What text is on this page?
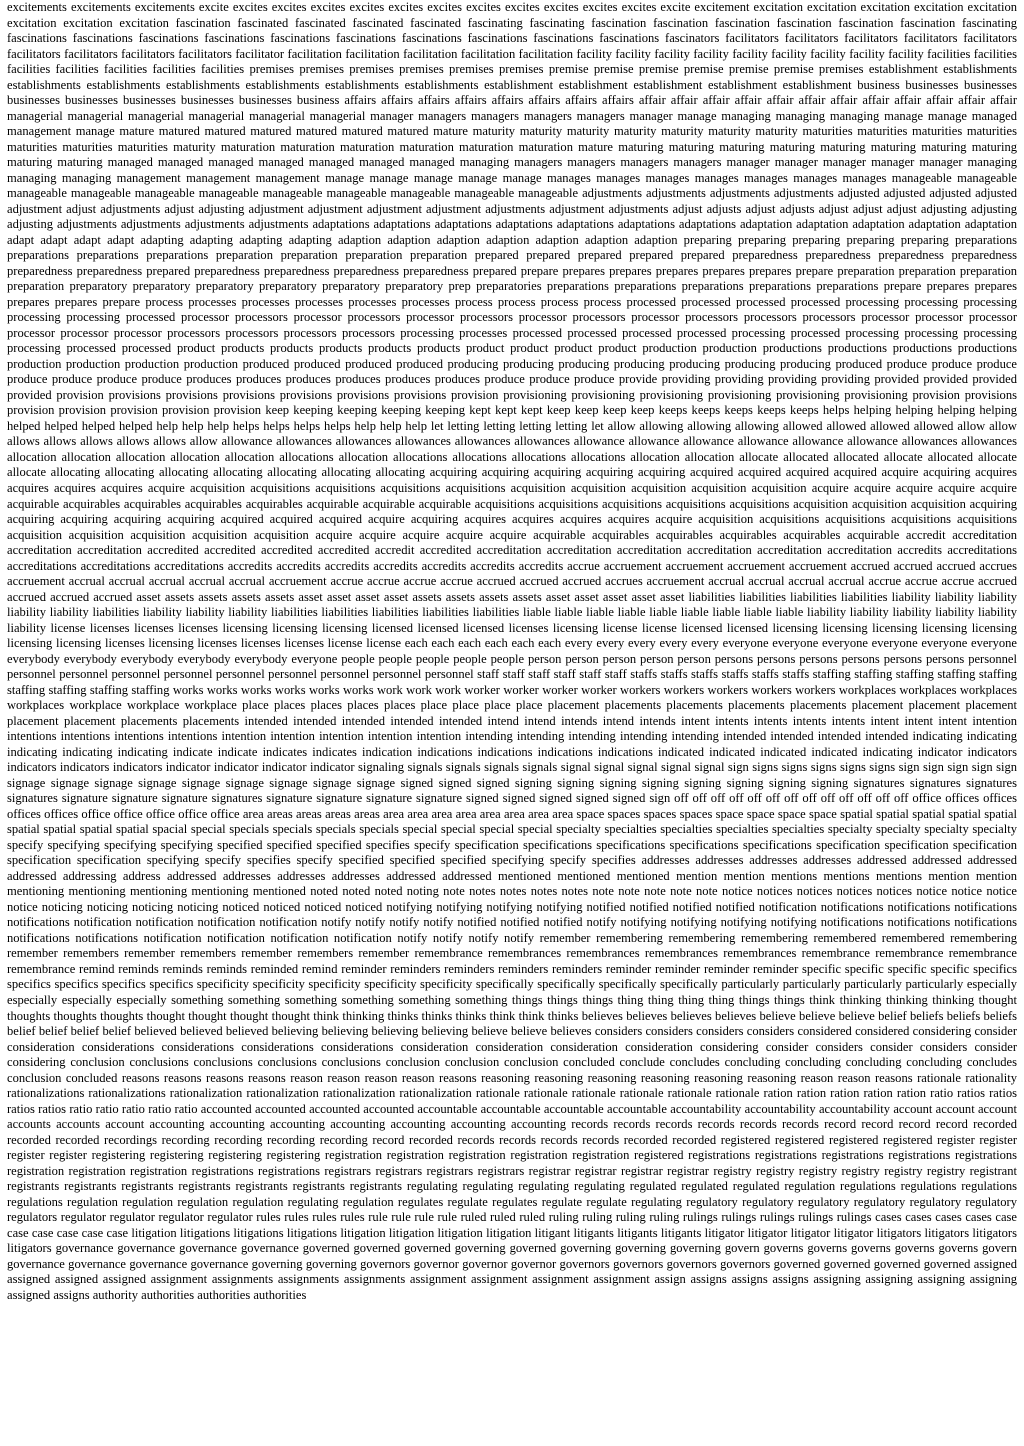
excitements excitements excitements excite excites excites excites excites excites excites excites excites excites excites excites excite excitement excitation excitation excitation excitation excitation excitation excitation excitation fascination fascinated fascinated fascinated fascinated fascinating fascinating fascination fascination fascination fascination fascination fascination fascinating fascinations fascinations fascinations fascinations fascinations fascinations fascinations fascinations fascinations fascinations fascinators facilitators facilitators facilitators facilitators facilitators facilitators facilitators facilitators facilitators facilitator facilitation facilitation facilitation facilitation facilitation facility facility facility facility facility facility facility facility facility facilities facilities facilities facilities facilities facilities facilities premises premises premises premises premises premises premise premise premise premise premise premise premises establishment establishments establishments establishments establishments establishments establishments establishments establishment establishment establishment establishment establishment business businesses businesses businesses businesses businesses businesses businesses business affairs affairs affairs affairs affairs affairs affairs affairs affair affair affair affair affair affair affair affair affair affair affair affair managerial managerial managerial managerial managerial managerial manager managers managers managers managers manager manage managing managing managing manage manage managed management manage mature matured matured matured matured matured matured mature maturity maturity maturity maturity maturity maturity maturity maturities maturities maturities maturities maturities maturities maturities maturity maturation maturation maturation maturation maturation maturation mature maturing maturing maturing maturing maturing maturing maturing maturing maturing maturing managed managed managed managed managed managed managed managing managers managers managers managers manager manager manager manager manager managing managing managing management management management manage manage manage manage manage manages manages manages manages manages manages manages manageable manageable manageable manageable manageable manageable manageable manageable manageable manageable manageable adjustments adjustments adjustments adjustments adjusted adjusted adjusted adjusted adjustment adjust adjustments adjust adjusting adjustment adjustment adjustment adjustment adjustments adjustment adjustments adjust adjusts adjust adjusts adjust adjust adjust adjusting adjusting adjusting adjustments adjustments adjustments adjustments adaptations adaptations adaptations adaptations adaptations adaptations adaptations adaptation adaptation adaptation adaptation adaptation adapt adapt adapt adapt adapting adapting adapting adapting adaption adaption adaption adaption adaption adaption adaption preparing preparing preparing preparing preparing preparations preparations preparations preparations preparation preparation preparation preparation prepared prepared prepared prepared prepared preparedness preparedness preparedness preparedness preparedness preparedness prepared preparedness preparedness preparedness preparedness prepared prepare prepares prepares prepares prepares prepares prepare preparation preparation preparation preparation preparatory preparatory preparatory preparatory preparatory preparatory prep preparatories preparations preparations preparations preparations preparations prepare prepares prepares prepares prepares prepare process processes processes processes processes processes process process process process processed processed processed processed processing processing processing processing processing processed processor processors processor processors processor processors processor processors processor processors processors processors processor processor processor processor processor processor processors processors processors processors processing processes processed processed processed processed processing processed processing processing processing processing processed processed product products products products products products product product product product production production productions productions productions productions production production production production produced produced produced produced producing producing producing producing producing producing producing produced produce produce produce produce produce produce produce produces produces produces produces produces produces produce produce produce provide providing providing providing providing provided provided provided provided provision provisions provisions provisions provisions provisions provisions provision provisioning provisioning provisioning provisioning provisioning provisioning provision provisions provision provision provision provision provision keep keeping keeping keeping keeping kept kept kept keep keep keep keep keeps keeps keeps keeps keeps helps helping helping helping helping helped helped helped helped help help help helps helps helps helps help help help let letting letting letting letting let allow allowing allowing allowing allowed allowed allowed allowed allow allow allows allows allows allows allows allow allowance allowances allowances allowances allowances allowances allowance allowance allowance allowance allowance allowance allowances allowances allocation allocation allocation allocation allocation allocations allocation allocations allocations allocations allocations allocation allocation allocate allocated allocated allocate allocated allocate allocate allocating allocating allocating allocating allocating allocating allocating acquiring acquiring acquiring acquiring acquiring acquired acquired acquired acquired acquire acquiring acquires acquires acquires acquires acquire acquisition acquisitions acquisitions acquisitions acquisitions acquisition acquisition acquisition acquisition acquisition acquire acquire acquire acquire acquire acquirable acquirables acquirables acquirables acquirables acquirable acquirable acquirable acquisitions acquisitions acquisitions acquisitions acquisitions acquisition acquisition acquisition acquiring acquiring acquiring acquiring acquiring acquired acquired acquired acquire acquiring acquires acquires acquires acquires acquire acquisition acquisitions acquisitions acquisitions acquisitions acquisition acquisition acquisition acquisition acquisition acquire acquire acquire acquire acquire acquirable acquirables acquirables acquirables acquirables acquirable accredit accreditation accreditation accreditation accredited accredited accredited accredited accredit accredited accreditation accreditation accreditation accreditation accreditation accreditation accredits accreditations accreditations accreditations accreditations accredits accredits accredits accredits accredits accredits accredits accrue accruement accruement accruement accruement accrued accrued accrued accrues accruement accrual accrual accrual accrual accrual accruement accrue accrue accrue accrue accrued accrued accrued accrues accruement accrual accrual accrual accrual accrue accrue accrue accrued accrued accrued accrued asset assets assets assets assets asset asset asset asset assets assets assets assets asset asset asset asset asset liabilities liabilities liabilities liabilities liability liability liability liability liability liabilities liability liability liability liabilities liabilities liabilities liabilities liabilities liable liable liable liable liable liable liable liable liable liability liability liability liability liability liability license licenses licenses licenses licensing licensing licensing licensed licensed licensed licenses licensing license license licensed licensed licensing licensing licensing licensing licensing licensing licensing licenses licensing licenses licenses licenses license license each each each each each each every every every every every everyone everyone everyone everyone everyone everyone everybody everybody everybody everybody everybody everyone people people people people people person person person person person persons persons persons persons persons persons personnel personnel personnel personnel personnel personnel personnel personnel personnel personnel staff staff staff staff staff staff staffs staffs staffs staffs staffs staffs staffing staffing staffing staffing staffing staffing staffing staffing staffing works works works works works works work work work worker worker worker worker workers workers workers workers workers workplaces workplaces workplaces workplaces workplace workplace workplace place places places places places place place place place placement placements placements placements placements placement placement placement placement placement placements placements intended intended intended intended intended intend intend intends intend intends intent intents intents intents intents intent intent intent intention intentions intentions intentions intentions intention intention intention intention intention intending intending intending intending intending intended intended intended intended indicating indicating indicating indicating indicating indicate indicate indicates indicates indication indications indications indications indications indicated indicated indicated indicated indicating indicator indicators indicators indicators indicators indicator indicator indicator indicator signaling signals signals signals signals signal signal signal signal signal sign signs signs signs signs signs sign sign sign sign sign signage signage signage signage signage signage signage signage signage signed signed signed signing signing signing signing signing signing signing signing signatures signatures signatures signatures signature signature signature signatures signature signature signature signature signed signed signed signed signed sign off off off off off off off off off off off off off office offices offices offices offices office office office office office area areas areas areas areas area area area area area area area area space spaces spaces spaces space space space space spatial spatial spatial spatial spatial spatial spatial spatial spatial spacial special specials specials specials specials special special special special specialty specialties specialties specialties specialties specialty specialty specialty specialty specify specifying specifying specifying specified specified specified specifies specify specification specifications specifications specifications specifications specification specification specification specification specification specifying specify specifies specify specified specified specified specifying specify specifies addresses addresses addresses addresses addressed addressed addressed addressed addressing address addressed addresses addresses addresses addressed addressed mentioned mentioned mentioned mention mention mentions mentions mentions mention mention mentioning mentioning mentioning mentioning mentioned noted noted noted noting note notes notes notes notes note note note note note notice notices notices notices notices notice notice notice notice noticing noticing noticing noticing noticed noticed noticed noticed notifying notifying notifying notifying notified notified notified notified notification notifications notifications notifications notifications notification notification notification notification notify notify notify notify notified notified notified notify notifying notifying notifying notifying notifications notifications notifications notifications notifications notification notification notification notification notify notify notify notify remember remembering remembering remembering remembered remembered remembering remember remembers remember remembers remember remembers remember remembrance remembrances remembrances remembrances remembrances remembrance remembrance remembrance remembrance remind reminds reminds reminds reminded remind reminder reminders reminders reminders reminders reminder reminder reminder reminder specific specific specific specific specifics specifics specifics specifics specifics specificity specificity specificity specificity specificity specifically specifically specifically specifically particularly particularly particularly particularly especially especially especially especially something something something something something something things things things thing thing thing thing things things think thinking thinking thinking thought thoughts thoughts thoughts thought thought thought thought think thinking thinks thinks thinks think think thinks believes believes believes believes believe believe believe belief beliefs beliefs beliefs belief belief belief belief believed believed believed believing believing believing believing believe believe believes considers considers considers considers considered considered considering consider consideration considerations considerations considerations considerations consideration consideration consideration consideration considering consider considers consider considers consider considering conclusion conclusions conclusions conclusions conclusions conclusion conclusion conclusion concluded conclude concludes concluding concluding concluding concluding concludes conclusion concluded reasons reasons reasons reasons reason reason reason reason reasons reasoning reasoning reasoning reasoning reasoning reasoning reason reason reasons rationale rationality rationalizations rationalizations rationalization rationalization rationalization rationalization rationale rationale rationale rationale rationale rationale ration ration ration ration ration ratio ratios ratios ratios ratios ratio ratio ratio ratio ratio accounted accounted accounted accounted accountable accountable accountable accountable accountability accountability accountability account account account accounts accounts account accounting accounting accounting accounting accounting accounting accounting records records records records records records record record record record recorded recorded recorded recordings recording recording recording recording record recorded records records records records recorded recorded registered registered registered registered register register register register registering registering registering registering registration registration registration registration registration registered registrations registrations registrations registrations registrations registration registration registration registrations registrations registrars registrars registrars registrars registrar registrar registrar registrar registry registry registry registry registry registry registrant registrants registrants registrants registrants registrants registrants registrants regulating regulating regulating regulating regulated regulated regulated regulation regulations regulations regulations regulations regulation regulation regulation regulation regulating regulation regulates regulate regulates regulate regulate regulating regulatory regulatory regulatory regulatory regulatory regulatory regulators regulator regulator regulator regulator rules rules rules rules rule rule rule rule ruled ruled ruled ruling ruling ruling ruling rulings rulings rulings rulings rulings cases cases cases cases case case case case case case litigation litigations litigations litigations litigation litigation litigation litigation litigant litigants litigants litigants litigator litigator litigator litigator litigators litigators litigators litigators governance governance governance governance governed governed governed governing governed governing governing governing govern governs governs governs governs governs govern governance governance governance governance governing governing governors governor governor governor governors governors governors governors governed governed governed governed assigned assigned assigned assigned assignment assignments assignments assignments assignment assignment assignment assignment assign assigns assigns assigns assigning assigning assigning assigning assigned assigns authority authorities authorities authorities
